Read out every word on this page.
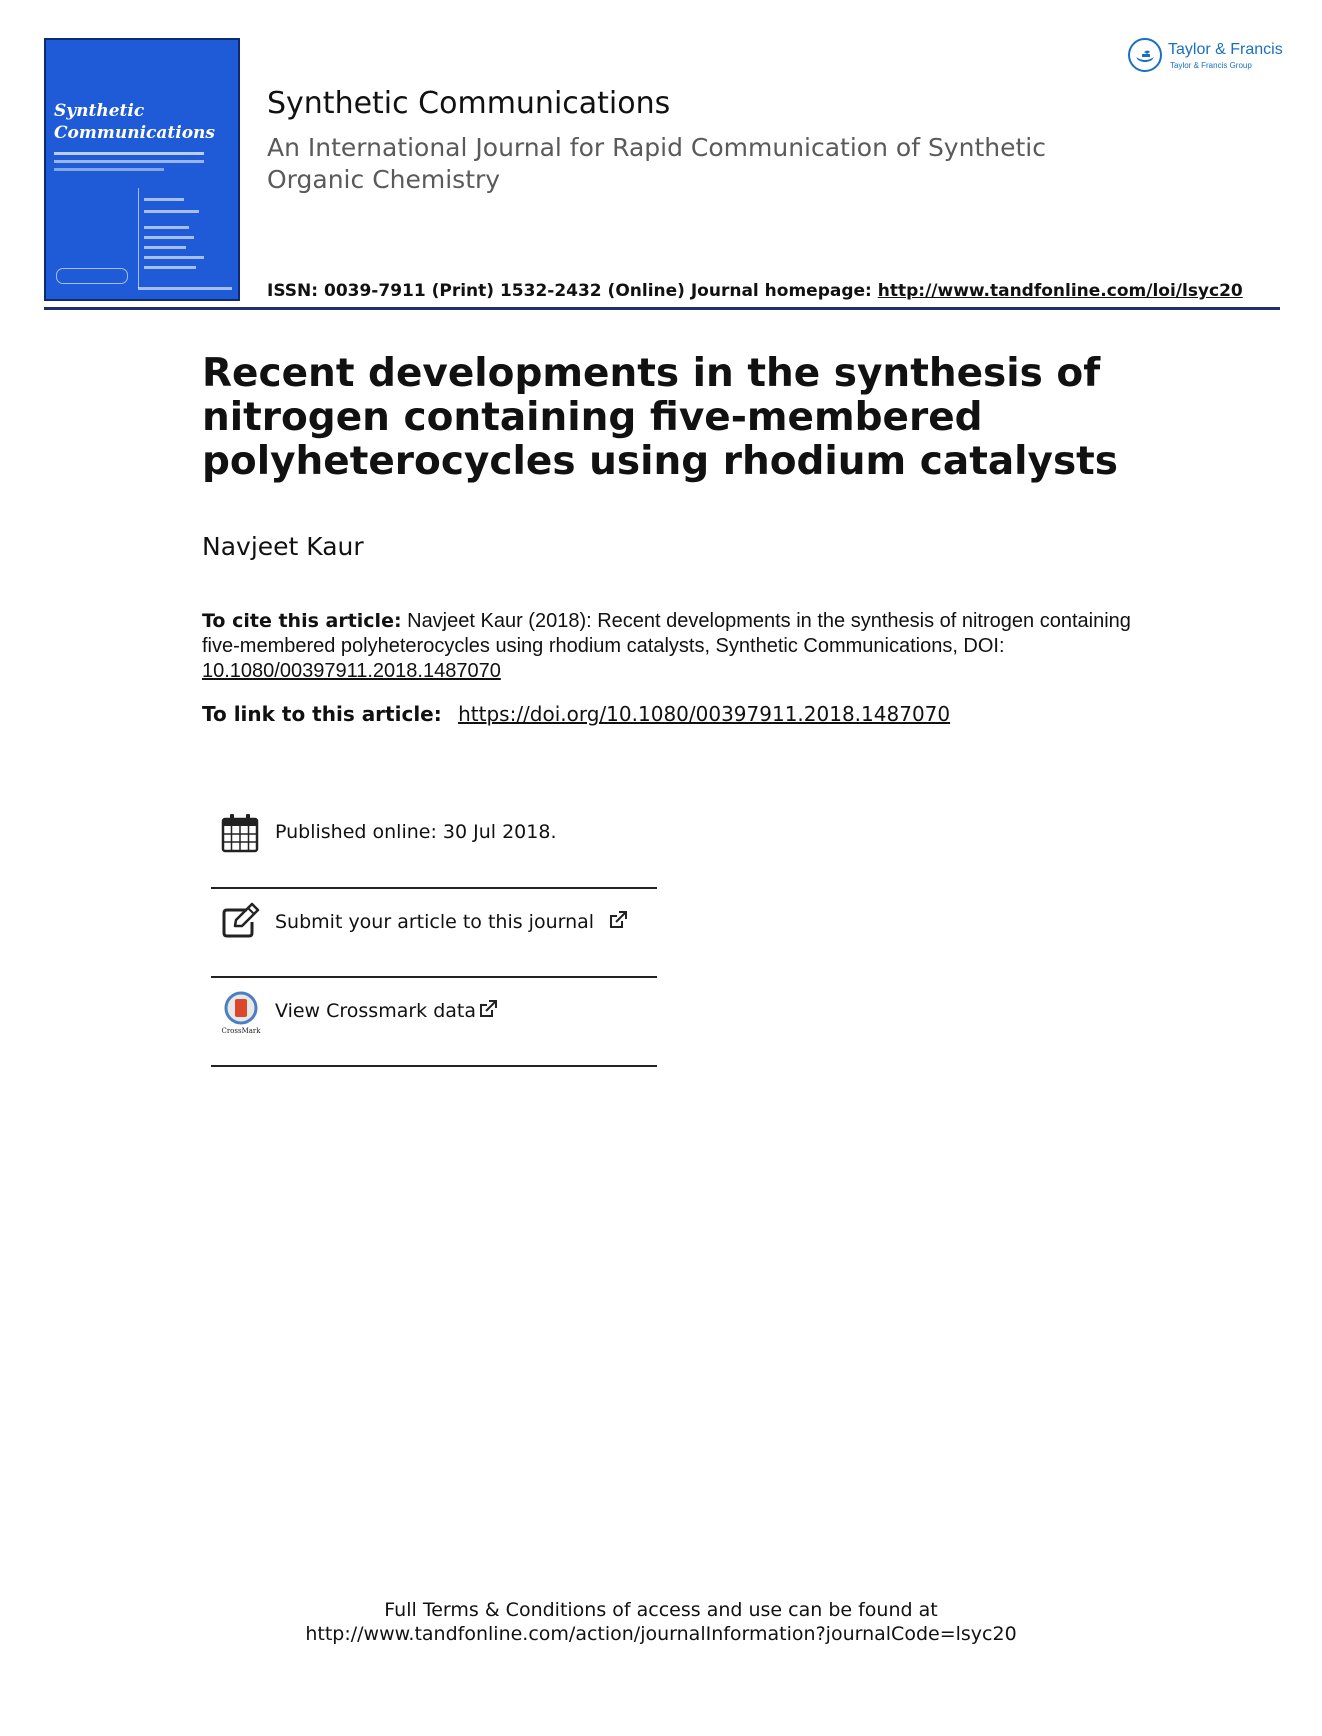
Synthetic
Communications
Synthetic Communications
An International Journal for Rapid Communication of Synthetic Organic Chemistry
ISSN: 0039-7911 (Print) 1532-2432 (Online) Journal homepage: http://www.tandfonline.com/loi/lsyc20
Taylor & Francis
Taylor & Francis Group
Recent developments in the synthesis of nitrogen containing five-membered polyheterocycles using rhodium catalysts
Navjeet Kaur
To cite this article: Navjeet Kaur (2018): Recent developments in the synthesis of nitrogen containing five-membered polyheterocycles using rhodium catalysts, Synthetic Communications, DOI: 10.1080/00397911.2018.1487070
To link to this article: https://doi.org/10.1080/00397911.2018.1487070
Published online: 30 Jul 2018.
Submit your article to this journal
CrossMark
View Crossmark data
Full Terms & Conditions of access and use can be found at
http://www.tandfonline.com/action/journalInformation?journalCode=lsyc20
